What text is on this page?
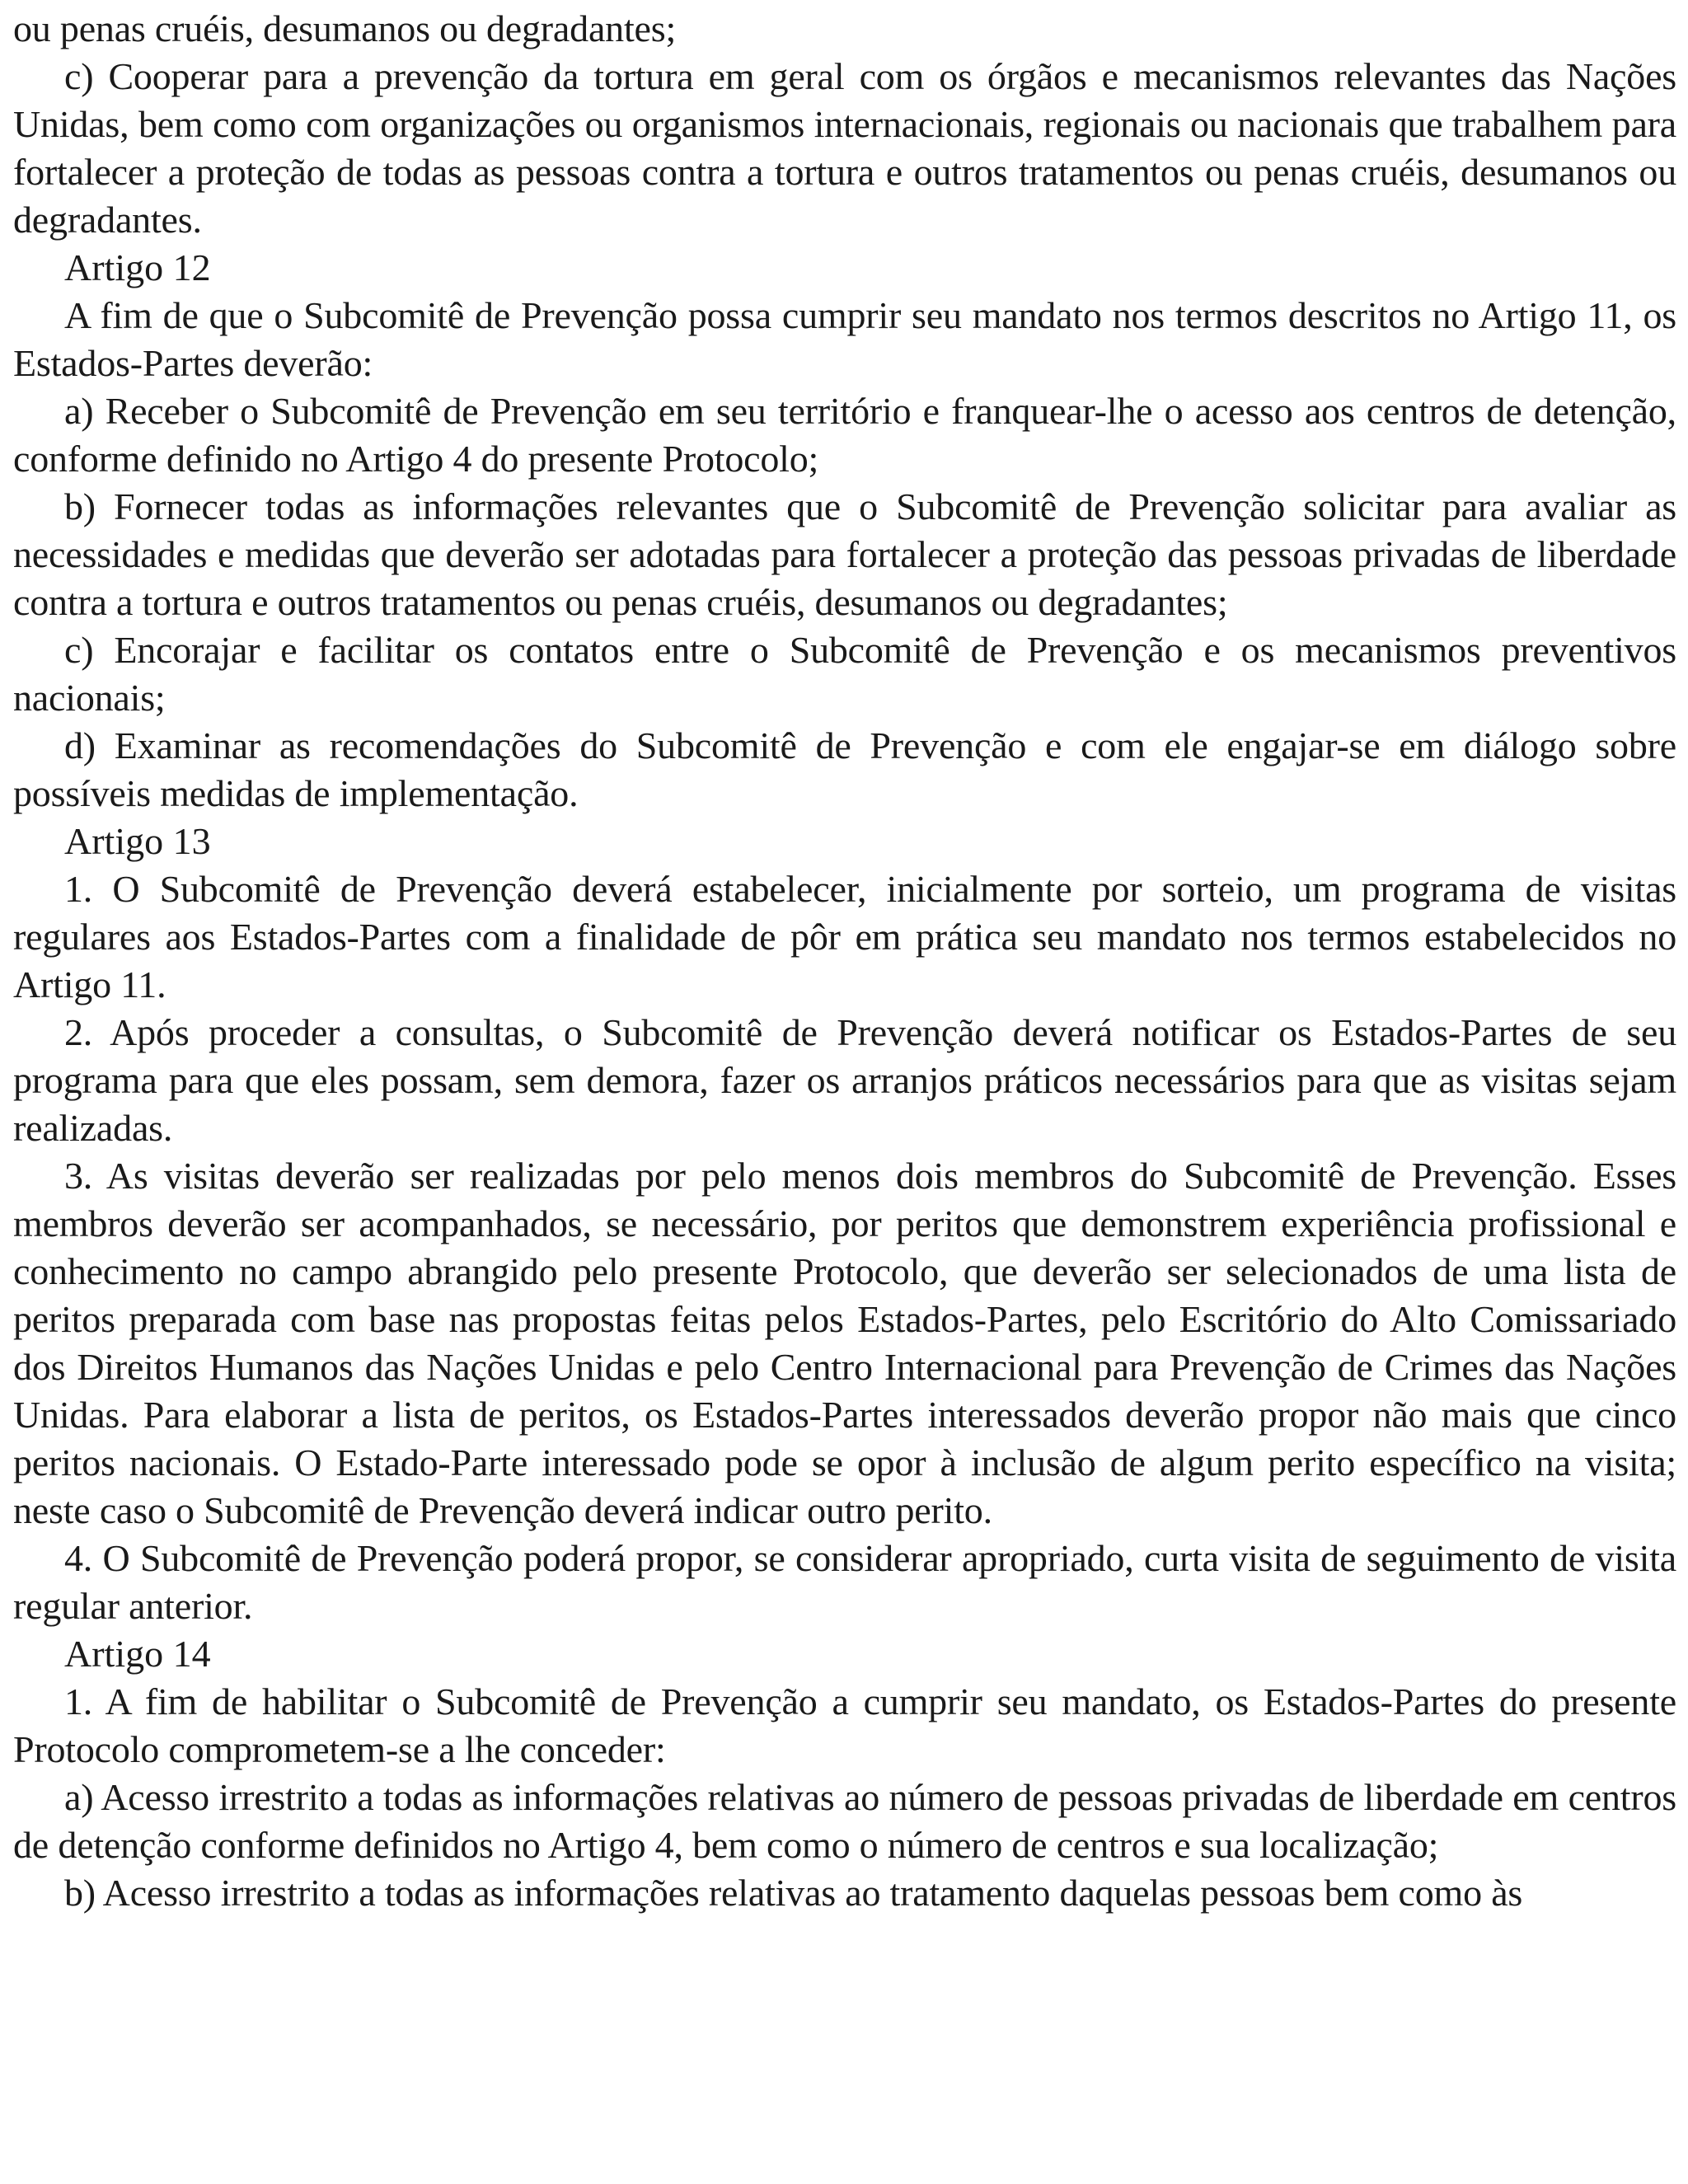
ou penas cruéis, desumanos ou degradantes;

c) Cooperar para a prevenção da tortura em geral com os órgãos e mecanismos relevantes das Nações Unidas, bem como com organizações ou organismos internacionais, regionais ou nacionais que trabalhem para fortalecer a proteção de todas as pessoas contra a tortura e outros tratamentos ou penas cruéis, desumanos ou degradantes.

Artigo 12

A fim de que o Subcomitê de Prevenção possa cumprir seu mandato nos termos descritos no Artigo 11, os Estados-Partes deverão:

a) Receber o Subcomitê de Prevenção em seu território e franquear-lhe o acesso aos centros de detenção, conforme definido no Artigo 4 do presente Protocolo;

b) Fornecer todas as informações relevantes que o Subcomitê de Prevenção solicitar para avaliar as necessidades e medidas que deverão ser adotadas para fortalecer a proteção das pessoas privadas de liberdade contra a tortura e outros tratamentos ou penas cruéis, desumanos ou degradantes;

c) Encorajar e facilitar os contatos entre o Subcomitê de Prevenção e os mecanismos preventivos nacionais;

d) Examinar as recomendações do Subcomitê de Prevenção e com ele engajar-se em diálogo sobre possíveis medidas de implementação.

Artigo 13

1. O Subcomitê de Prevenção deverá estabelecer, inicialmente por sorteio, um programa de visitas regulares aos Estados-Partes com a finalidade de pôr em prática seu mandato nos termos estabelecidos no Artigo 11.

2. Após proceder a consultas, o Subcomitê de Prevenção deverá notificar os Estados-Partes de seu programa para que eles possam, sem demora, fazer os arranjos práticos necessários para que as visitas sejam realizadas.

3. As visitas deverão ser realizadas por pelo menos dois membros do Subcomitê de Prevenção. Esses membros deverão ser acompanhados, se necessário, por peritos que demonstrem experiência profissional e conhecimento no campo abrangido pelo presente Protocolo, que deverão ser selecionados de uma lista de peritos preparada com base nas propostas feitas pelos Estados-Partes, pelo Escritório do Alto Comissariado dos Direitos Humanos das Nações Unidas e pelo Centro Internacional para Prevenção de Crimes das Nações Unidas. Para elaborar a lista de peritos, os Estados-Partes interessados deverão propor não mais que cinco peritos nacionais. O Estado-Parte interessado pode se opor à inclusão de algum perito específico na visita; neste caso o Subcomitê de Prevenção deverá indicar outro perito.

4. O Subcomitê de Prevenção poderá propor, se considerar apropriado, curta visita de seguimento de visita regular anterior.

Artigo 14

1. A fim de habilitar o Subcomitê de Prevenção a cumprir seu mandato, os Estados-Partes do presente Protocolo comprometem-se a lhe conceder:

a) Acesso irrestrito a todas as informações relativas ao número de pessoas privadas de liberdade em centros de detenção conforme definidos no Artigo 4, bem como o número de centros e sua localização;

b) Acesso irrestrito a todas as informações relativas ao tratamento daquelas pessoas bem como às
